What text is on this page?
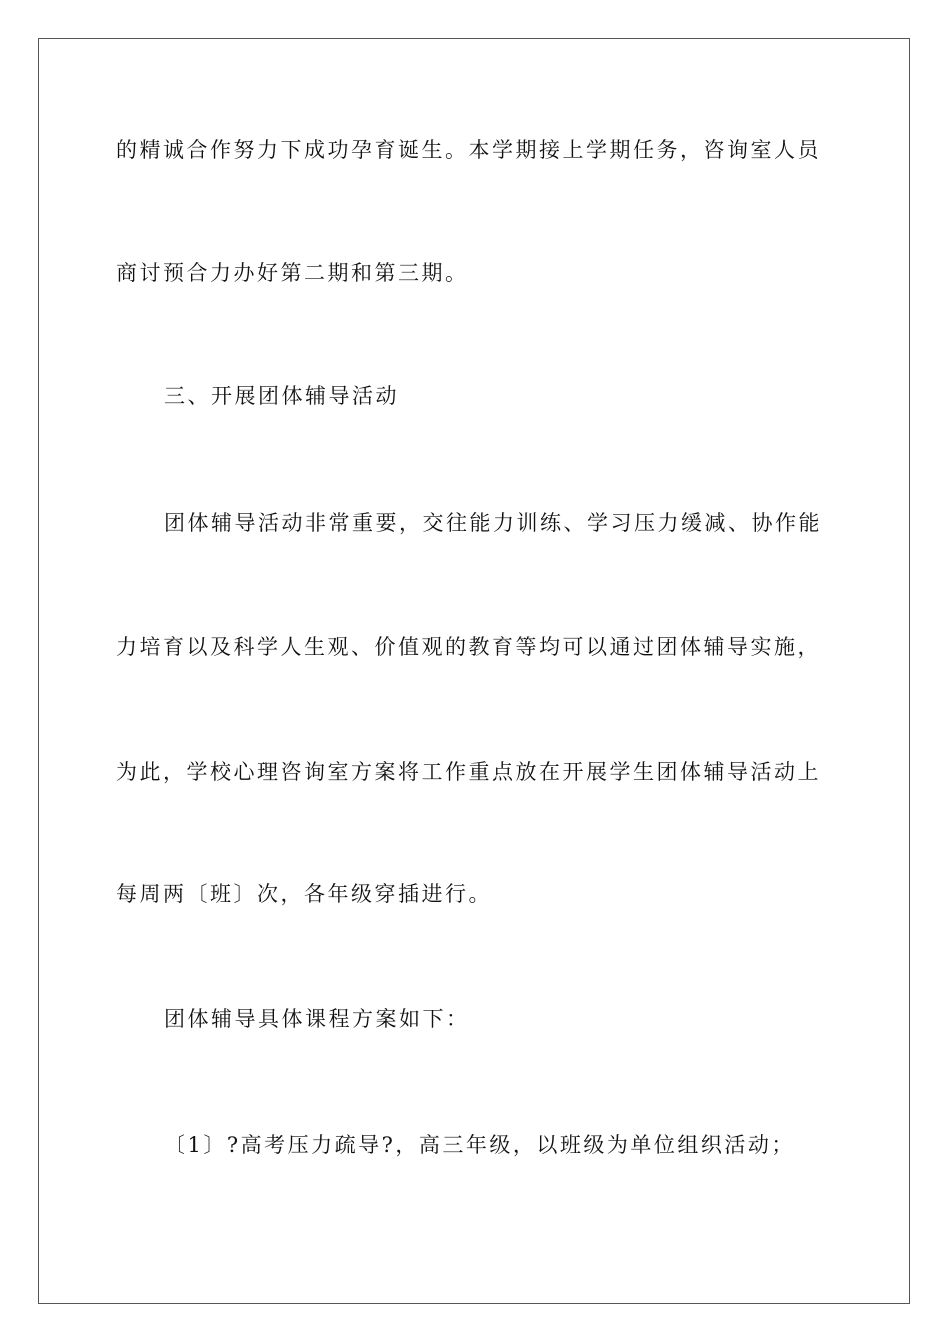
的精诚合作努力下成功孕育诞生。本学期接上学期任务，咨询室人员
商讨预合力办好第二期和第三期。
三、开展团体辅导活动
团体辅导活动非常重要，交往能力训练、学习压力缓减、协作能
力培育以及科学人生观、价值观的教育等均可以通过团体辅导实施，
为此，学校心理咨询室方案将工作重点放在开展学生团体辅导活动上
每周两〔班〕次，各年级穿插进行。
团体辅导具体课程方案如下：
〔1〕?高考压力疏导?，高三年级，以班级为单位组织活动；
